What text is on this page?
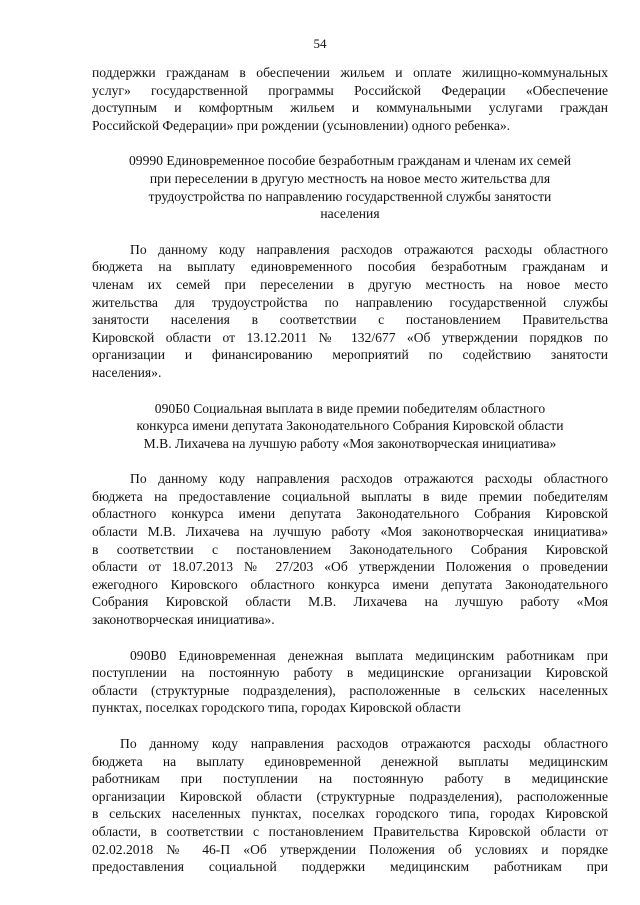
54

поддержки гражданам в обеспечении жильем и оплате жилищно-коммунальных
услуг» государственной программы Российской Федерации «Обеспечение
доступным и комфортным жильем и коммунальными услугами граждан
Российской Федерации» при рождении (усыновлении) одного ребенка».

09990 Единовременное пособие безработным гражданам и членам их семей
при переселении в другую местность на новое место жительства для
трудоустройства по направлению государственной службы занятости
населения

По данному коду направления расходов отражаются расходы областного
бюджета на выплату единовременного пособия безработным гражданам и
членам их семей при переселении в другую местность на новое место
жительства для трудоустройства по направлению государственной службы
занятости населения в соответствии с постановлением Правительства
Кировской области от 13.12.2011 № 132/677 «Об утверждении порядков по
организации и финансированию мероприятий по содействию занятости
населения».

090Б0 Социальная выплата в виде премии победителям областного
конкурса имени депутата Законодательного Собрания Кировской области
М.В. Лихачева на лучшую работу «Моя законотворческая инициатива»

По данному коду направления расходов отражаются расходы областного
бюджета на предоставление социальной выплаты в виде премии победителям
областного конкурса имени депутата Законодательного Собрания Кировской
области М.В. Лихачева на лучшую работу «Моя законотворческая инициатива»
в соответствии с постановлением Законодательного Собрания Кировской
области от 18.07.2013 № 27/203 «Об утверждении Положения о проведении
ежегодного Кировского областного конкурса имени депутата Законодательного
Собрания Кировской области М.В. Лихачева на лучшую работу «Моя
законотворческая инициатива».

090В0 Единовременная денежная выплата медицинским работникам при
поступлении на постоянную работу в медицинские организации Кировской
области (структурные подразделения), расположенные в сельских населенных
пунктах, поселках городского типа, городах Кировской области

По данному коду направления расходов отражаются расходы областного
бюджета на выплату единовременной денежной выплаты медицинским
работникам при поступлении на постоянную работу в медицинские
организации Кировской области (структурные подразделения), расположенные
в сельских населенных пунктах, поселках городского типа, городах Кировской
области, в соответствии с постановлением Правительства Кировской области от
02.02.2018 № 46-П «Об утверждении Положения об условиях и порядке
предоставления социальной поддержки медицинским работникам при
